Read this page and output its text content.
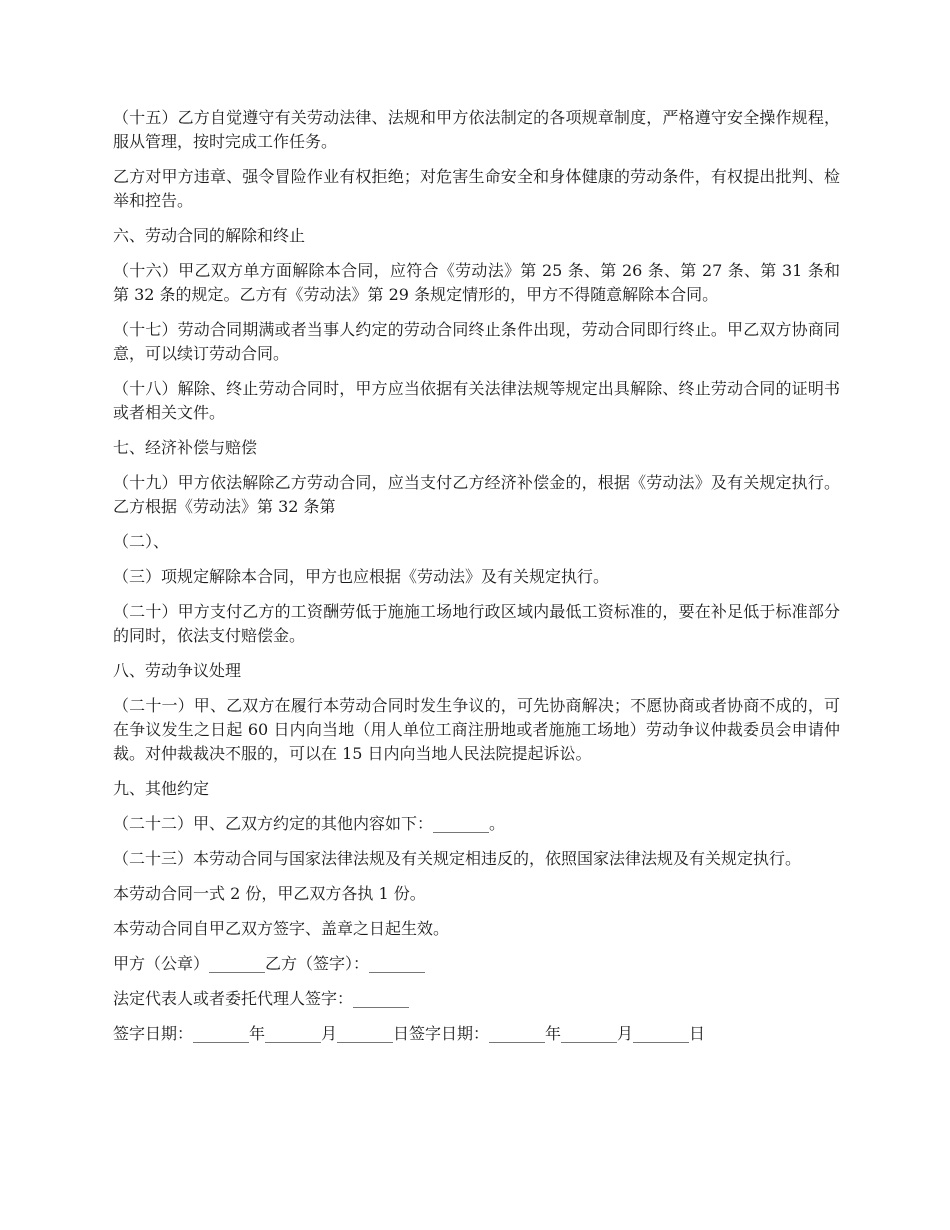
（十五）乙方自觉遵守有关劳动法律、法规和甲方依法制定的各项规章制度，严格遵守安全操作规程，服从管理，按时完成工作任务。

乙方对甲方违章、强令冒险作业有权拒绝；对危害生命安全和身体健康的劳动条件，有权提出批判、检举和控告。

六、劳动合同的解除和终止

（十六）甲乙双方单方面解除本合同，应符合《劳动法》第 25 条、第 26 条、第 27 条、第 31 条和第 32 条的规定。乙方有《劳动法》第 29 条规定情形的，甲方不得随意解除本合同。

（十七）劳动合同期满或者当事人约定的劳动合同终止条件出现，劳动合同即行终止。甲乙双方协商同意，可以续订劳动合同。

（十八）解除、终止劳动合同时，甲方应当依据有关法律法规等规定出具解除、终止劳动合同的证明书或者相关文件。

七、经济补偿与赔偿

（十九）甲方依法解除乙方劳动合同，应当支付乙方经济补偿金的，根据《劳动法》及有关规定执行。乙方根据《劳动法》第 32 条第

（二）、

（三）项规定解除本合同，甲方也应根据《劳动法》及有关规定执行。

（二十）甲方支付乙方的工资酬劳低于施施工场地行政区域内最低工资标准的，要在补足低于标准部分的同时，依法支付赔偿金。

八、劳动争议处理

（二十一）甲、乙双方在履行本劳动合同时发生争议的，可先协商解决；不愿协商或者协商不成的，可在争议发生之日起 60 日内向当地（用人单位工商注册地或者施施工场地）劳动争议仲裁委员会申请仲裁。对仲裁裁决不服的，可以在 15 日内向当地人民法院提起诉讼。

九、其他约定

（二十二）甲、乙双方约定的其他内容如下：_______。

（二十三）本劳动合同与国家法律法规及有关规定相违反的，依照国家法律法规及有关规定执行。

本劳动合同一式 2 份，甲乙双方各执 1 份。

本劳动合同自甲乙双方签字、盖章之日起生效。

甲方（公章）_______乙方（签字）：_______

法定代表人或者委托代理人签字：_______

签字日期：_______年_______月_______日签字日期：_______年_______月_______日
